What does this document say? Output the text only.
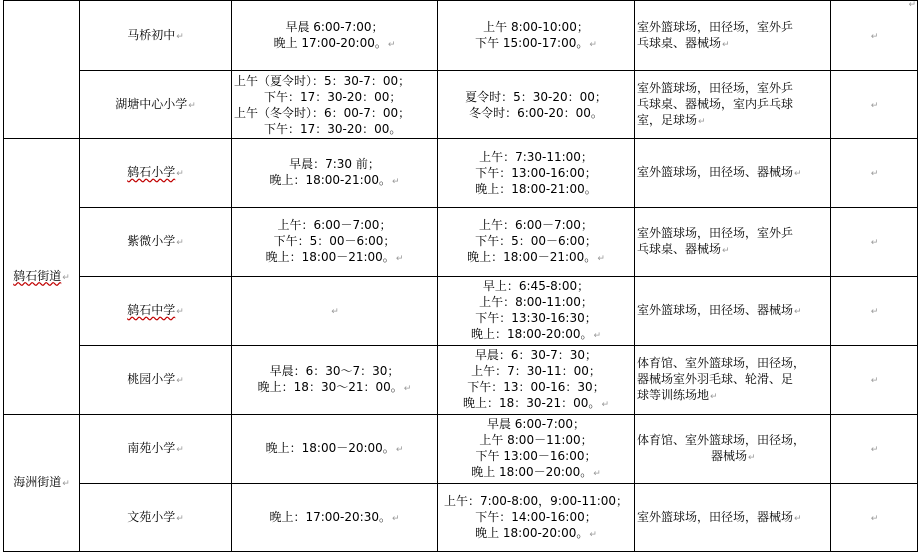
↵
	马桥初中↵	早晨 6:00-7:00；
晚上 17:00-20:00。↵	上午 8:00-10:00；
下午 15:00-17:00。↵	室外篮球场，田径场，室外乒
乓球桌、器械场↵	↵
	湖塘中心小学↵	上午（夏令时）：5：30-7：00；
下午：17：30-20：00；
上午（冬令时）：6：00-7：00；
下午：17：30-20：00。	夏令时：5：30-20：00；
冬令时：6:00-20：00。	室外篮球场，田径场，室外乒
乓球桌、器械场，室内乒乓球
室，足球场↵	↵
鸫石街道↵	鸫石小学↵	早晨：7:30 前；
晚上：18:00-21:00。↵	上午：7:30-11:00；
下午：13:00-16:00；
晚上：18:00-21:00。	室外篮球场，田径场、器械场↵	↵
	紫微小学↵	上午：6:00－7:00；
下午：5：00－6:00；
晚上：18:00－21:00。↵	上午：6:00－7:00；
下午：5：00－6:00；
晚上：18:00－21:00。↵	室外篮球场，田径场，室外乒
乓球桌、器械场↵	↵
	鸫石中学↵	↵	早上：6:45-8:00；
上午：8:00-11:00；
下午：13:30-16:30；
晚上：18:00-20:00。↵	室外篮球场，田径场、器械场↵	↵
	桃园小学↵	早晨：6：30～7：30；
晚上：18：30～21：00。↵	早晨：6：30-7：30；
上午：7：30-11：00；
下午：13：00-16：30；
晚上：18：30-21：00。↵	体育馆、室外篮球场，田径场，
器械场室外羽毛球、轮滑、足
球等训练场地↵	↵
海洲街道↵	南苑小学↵	晚上：18:00－20:00。↵	早晨 6:00-7:00；
上午 8:00－11:00；
下午 13:00－16:00；
晚上 18:00－20:00。↵	体育馆、室外篮球场，田径场，
器械场↵	↵
	文苑小学↵	晚上：17:00-20:30。↵	上午：7:00-8:00，9:00-11:00；
下午：14:00-16:00；
晚上 18:00-20:00。↵	室外篮球场，田径场，器械场↵	↵
